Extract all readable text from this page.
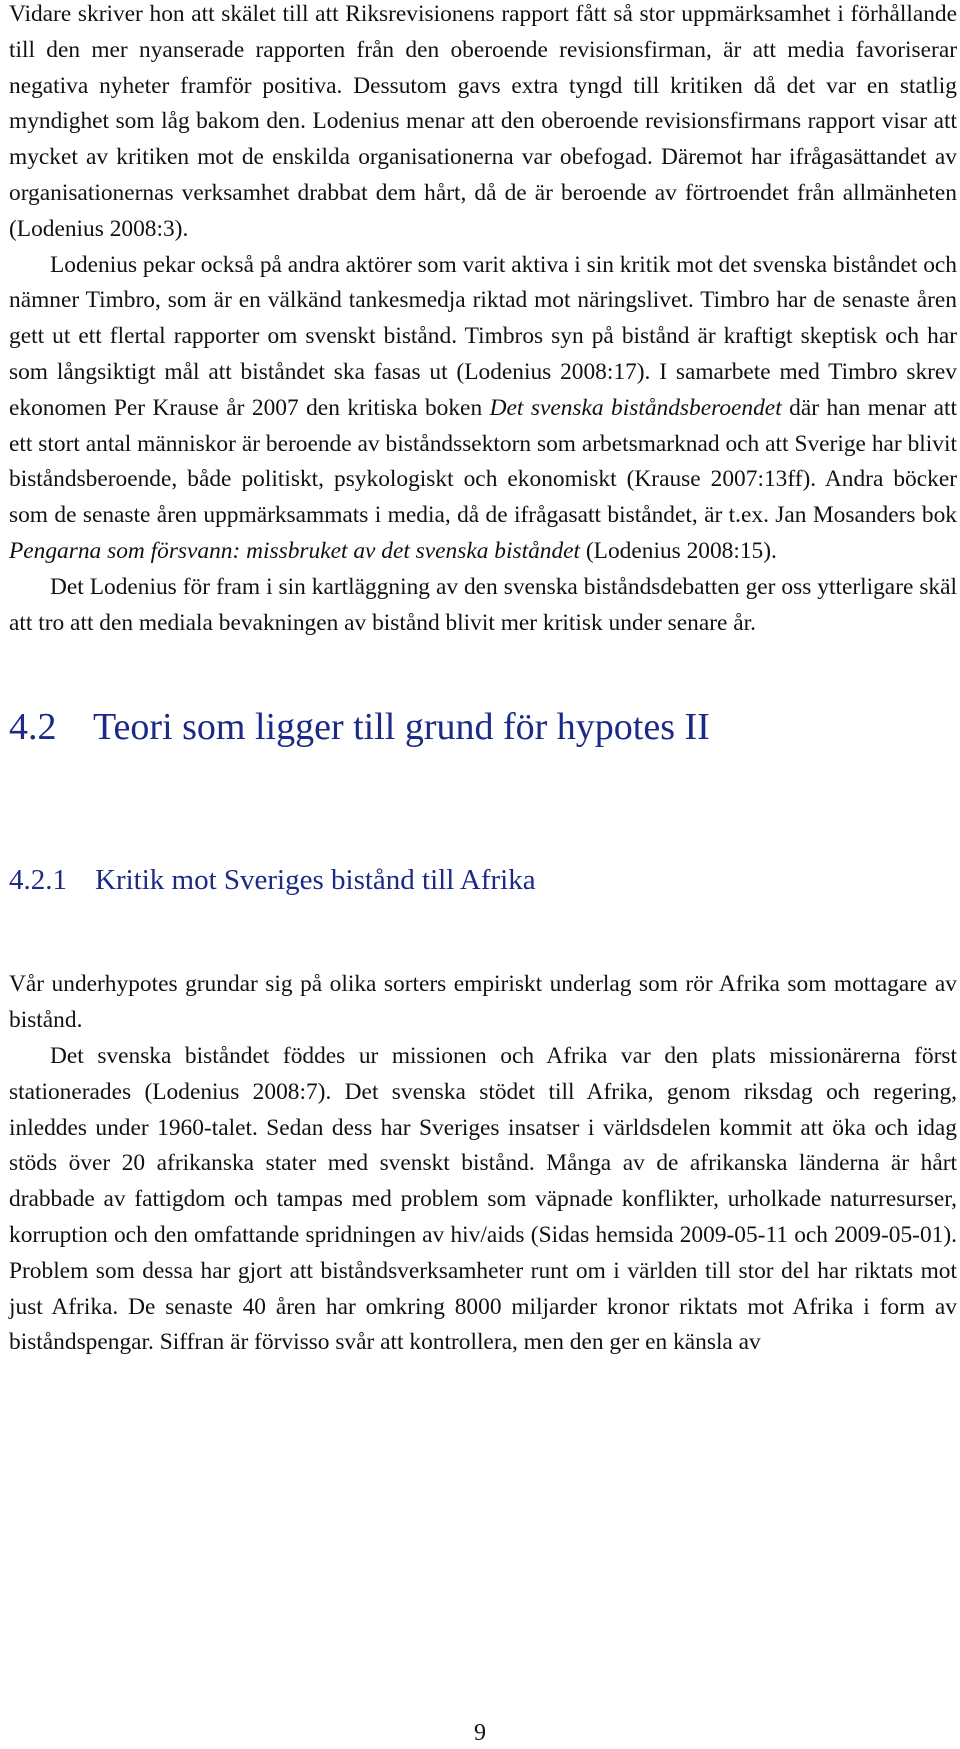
Vidare skriver hon att skälet till att Riksrevisionens rapport fått så stor uppmärksamhet i förhållande till den mer nyanserade rapporten från den oberoende revisionsfirman, är att media favoriserar negativa nyheter framför positiva. Dessutom gavs extra tyngd till kritiken då det var en statlig myndighet som låg bakom den. Lodenius menar att den oberoende revisionsfirmans rapport visar att mycket av kritiken mot de enskilda organisationerna var obefogad. Däremot har ifrågasättandet av organisationernas verksamhet drabbat dem hårt, då de är beroende av förtroendet från allmänheten (Lodenius 2008:3).

Lodenius pekar också på andra aktörer som varit aktiva i sin kritik mot det svenska biståndet och nämner Timbro, som är en välkänd tankesmedja riktad mot näringslivet. Timbro har de senaste åren gett ut ett flertal rapporter om svenskt bistånd. Timbros syn på bistånd är kraftigt skeptisk och har som långsiktigt mål att biståndet ska fasas ut (Lodenius 2008:17). I samarbete med Timbro skrev ekonomen Per Krause år 2007 den kritiska boken Det svenska biståndsberoendet där han menar att ett stort antal människor är beroende av biståndssektorn som arbetsmarknad och att Sverige har blivit biståndsberoende, både politiskt, psykologiskt och ekonomiskt (Krause 2007:13ff). Andra böcker som de senaste åren uppmärksammats i media, då de ifrågasatt biståndet, är t.ex. Jan Mosanders bok Pengarna som försvann: missbruket av det svenska biståndet (Lodenius 2008:15).

Det Lodenius för fram i sin kartläggning av den svenska biståndsdebatten ger oss ytterligare skäl att tro att den mediala bevakningen av bistånd blivit mer kritisk under senare år.

4.2 Teori som ligger till grund för hypotes II
4.2.1 Kritik mot Sveriges bistånd till Afrika

Vår underhypotes grundar sig på olika sorters empiriskt underlag som rör Afrika som mottagare av bistånd.

Det svenska biståndet föddes ur missionen och Afrika var den plats missionärerna först stationerades (Lodenius 2008:7). Det svenska stödet till Afrika, genom riksdag och regering, inleddes under 1960-talet. Sedan dess har Sveriges insatser i världsdelen kommit att öka och idag stöds över 20 afrikanska stater med svenskt bistånd. Många av de afrikanska länderna är hårt drabbade av fattigdom och tampas med problem som väpnade konflikter, urholkade naturresurser, korruption och den omfattande spridningen av hiv/aids (Sidas hemsida 2009-05-11 och 2009-05-01). Problem som dessa har gjort att biståndsverksamheter runt om i världen till stor del har riktats mot just Afrika. De senaste 40 åren har omkring 8000 miljarder kronor riktats mot Afrika i form av biståndspengar. Siffran är förvisso svår att kontrollera, men den ger en känsla av

9
